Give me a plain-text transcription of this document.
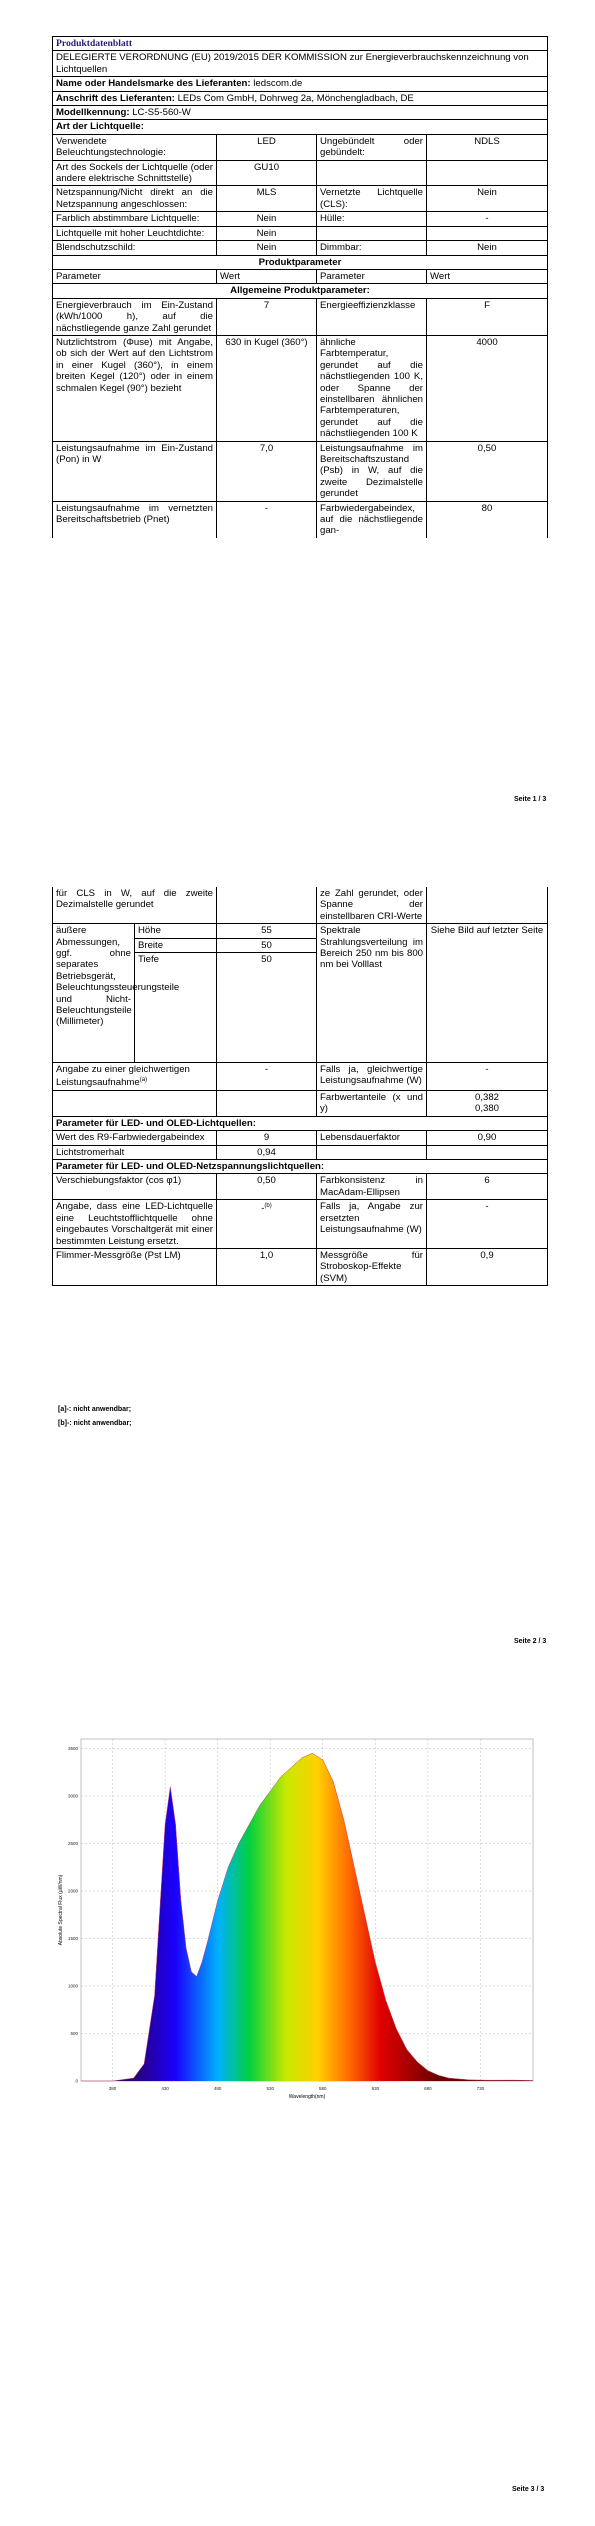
Produktdatenblatt			
DELEGIERTE VERORDNUNG (EU) 2019/2015 DER KOMMISSION zur Energieverbrauchskennzeichnung von Lichtquellen			
Name oder Handelsmarke des Lieferanten: ledscom.de			
Anschrift des Lieferanten: LEDs Com GmbH, Dohrweg 2a, Mönchengladbach, DE			
Modellkennung: LC-S5-560-W			
Art der Lichtquelle:			
Verwendete Beleuchtungstechnologie:	LED	Ungebündelt oder gebündelt:	NDLS
Art des Sockels der Lichtquelle (oder andere elektrische Schnittstelle)	GU10		
Netzspannung/Nicht direkt an die Netzspannung angeschlossen:	MLS	Vernetzte Lichtquelle (CLS):	Nein
Farblich abstimmbare Lichtquelle:	Nein	Hülle:	-
Lichtquelle mit hoher Leuchtdichte:	Nein		
Blendschutzschild:	Nein	Dimmbar:	Nein
Produktparameter			
Parameter	Wert	Parameter	Wert
Allgemeine Produktparameter:			
Energieverbrauch im Ein-Zustand (kWh/1000 h), auf die nächstliegende ganze Zahl gerundet	7	Energieeffizienzklasse	F
Nutzlichtstrom (Φuse) mit Angabe, ob sich der Wert auf den Lichtstrom in einer Kugel (360°), in einem breiten Kegel (120°) oder in einem schmalen Kegel (90°) bezieht	630 in Kugel (360°)	ähnliche Farbtemperatur, gerundet auf die nächstliegenden 100 K, oder Spanne der einstellbaren ähnlichen Farbtemperaturen, gerundet auf die nächstliegenden 100 K	4000
Leistungsaufnahme im Ein-Zustand (Pon) in W	7,0	Leistungsaufnahme im Bereitschaftszustand (Psb) in W, auf die zweite Dezimalstelle gerundet	0,50
Leistungsaufnahme im vernetzten Bereitschaftsbetrieb (Pnet)	-	Farbwiedergabeindex, auf die nächstliegende gan-	80
Seite 1 / 3
für CLS in W, auf die zweite Dezimalstelle gerundet			ze Zahl gerundet, oder Spanne der einstellbaren CRI-Werte	
äußere Abmessungen, ggf. ohne separates Betriebsgerät, Beleuchtungssteuerungsteile und Nicht-Beleuchtungsteile (Millimeter)	Höhe	55	Spektrale Strahlungsverteilung im Bereich 250 nm bis 800 nm bei Volllast	Siehe Bild auf letzter Seite
	Breite	50		
	Tiefe	50		
Angabe zu einer gleichwertigen Leistungsaufnahme$^{(a)}$		-	Falls ja, gleichwertige Leistungsaufnahme (W)	-
			Farbwertanteile (x und y)	0,382
0,380

Parameter für LED- und OLED-Lichtquellen:				
Wert des R9-Farbwiedergabeindex		9	Lebensdauerfaktor	0,90
Lichtstromerhalt		0,94		
Parameter für LED- und OLED-Netzspannungslichtquellen:				
Verschiebungsfaktor (cos φ1)		0,50	Farbkonsistenz in MacAdam-Ellipsen	6
Angabe, dass eine LED-Lichtquelle eine Leuchtstofflichtquelle ohne eingebautes Vorschaltgerät mit einer bestimmten Leistung ersetzt.		-$^{(b)}$	Falls ja, Angabe zur ersetzten Leistungsaufnahme (W)	-
Flimmer-Messgröße (Pst LM)		1,0	Messgröße für Stroboskop-Effekte (SVM)	0,9
[a]-: nicht anwendbar;
[b]-: nicht anwendbar;
Seite 2 / 3
380	430	480	530	580	630	680	730
0
500
1000
1500
2000
2500
3000
3500
Wavelength(nm)
Absolute Spectral Flux (µW/nm)
Seite 3 / 3
